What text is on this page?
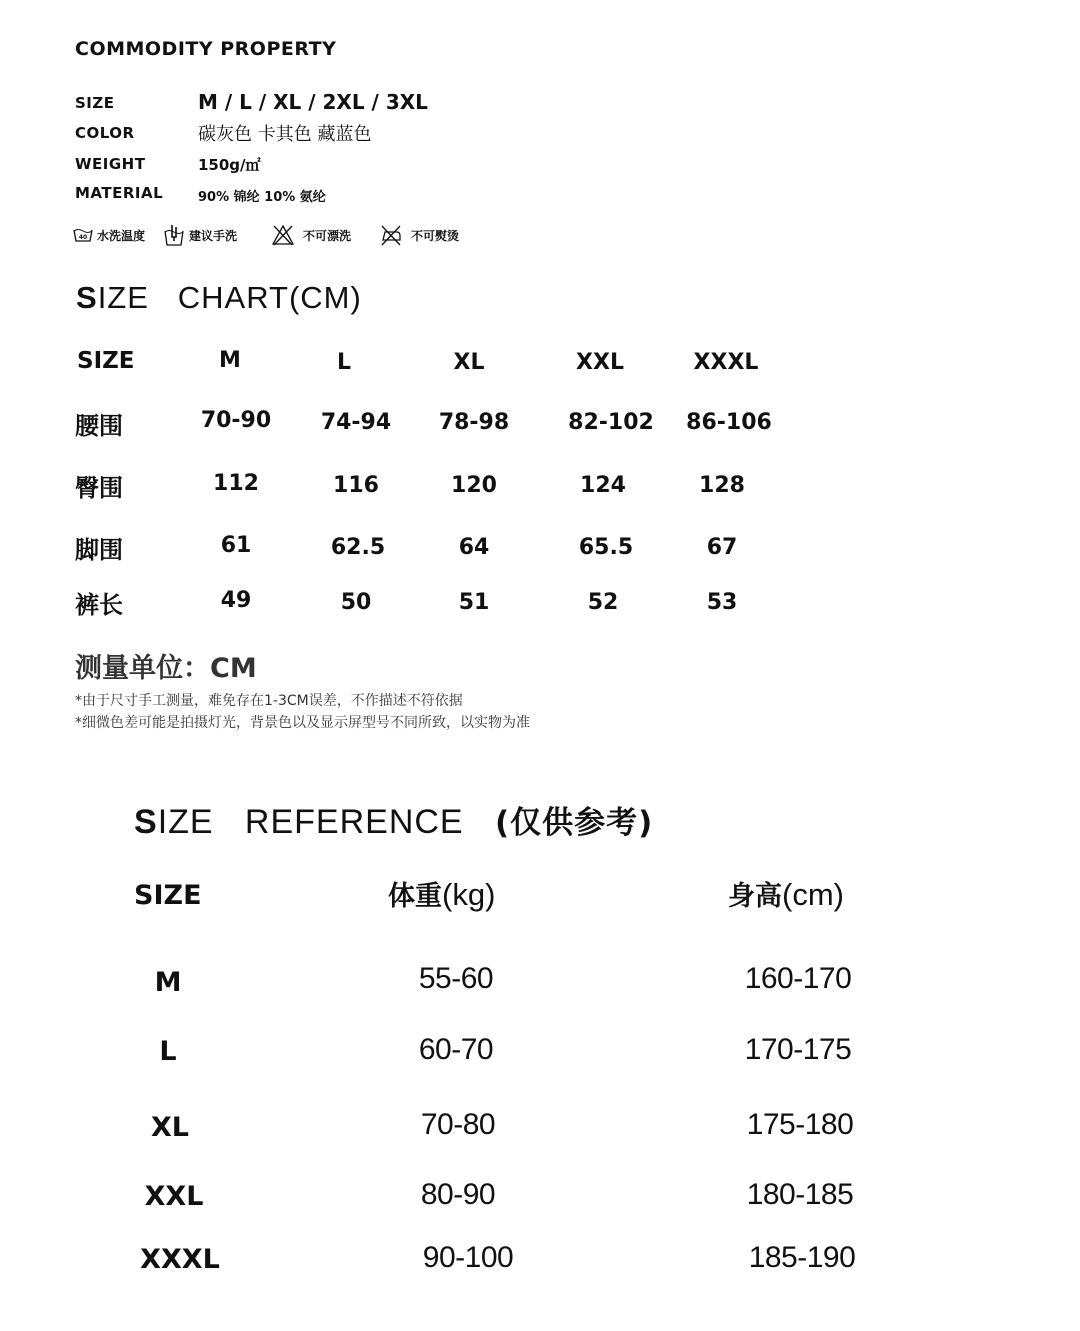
COMMODITY PROPERTY
SIZE	M / L / XL / 2XL / 3XL
COLOR	碳灰色 卡其色 藏蓝色
WEIGHT	150g/㎡
MATERIAL	90% 锦纶 10% 氨纶
40 水洗温度	建议手洗	不可漂洗	不可熨烫
SIZE   CHART(CM)
SIZE	M	L	XL	XXL	XXXL
腰围	70-90	74-94	78-98	82-102	86-106
臀围	112	116	120	124	128
脚围	61	62.5	64	65.5	67
裤长	49	50	51	52	53
测量单位：CM
*由于尺寸手工测量，难免存在1-3CM误差，不作描述不符依据
*细微色差可能是拍摄灯光，背景色以及显示屏型号不同所致，以实物为准
SIZE   REFERENCE (仅供参考)
SIZE	体重(kg)	身高(cm)
M	55-60	160-170
L	60-70	170-175
XL	70-80	175-180
XXL	80-90	180-185
XXXL	90-100	185-190
